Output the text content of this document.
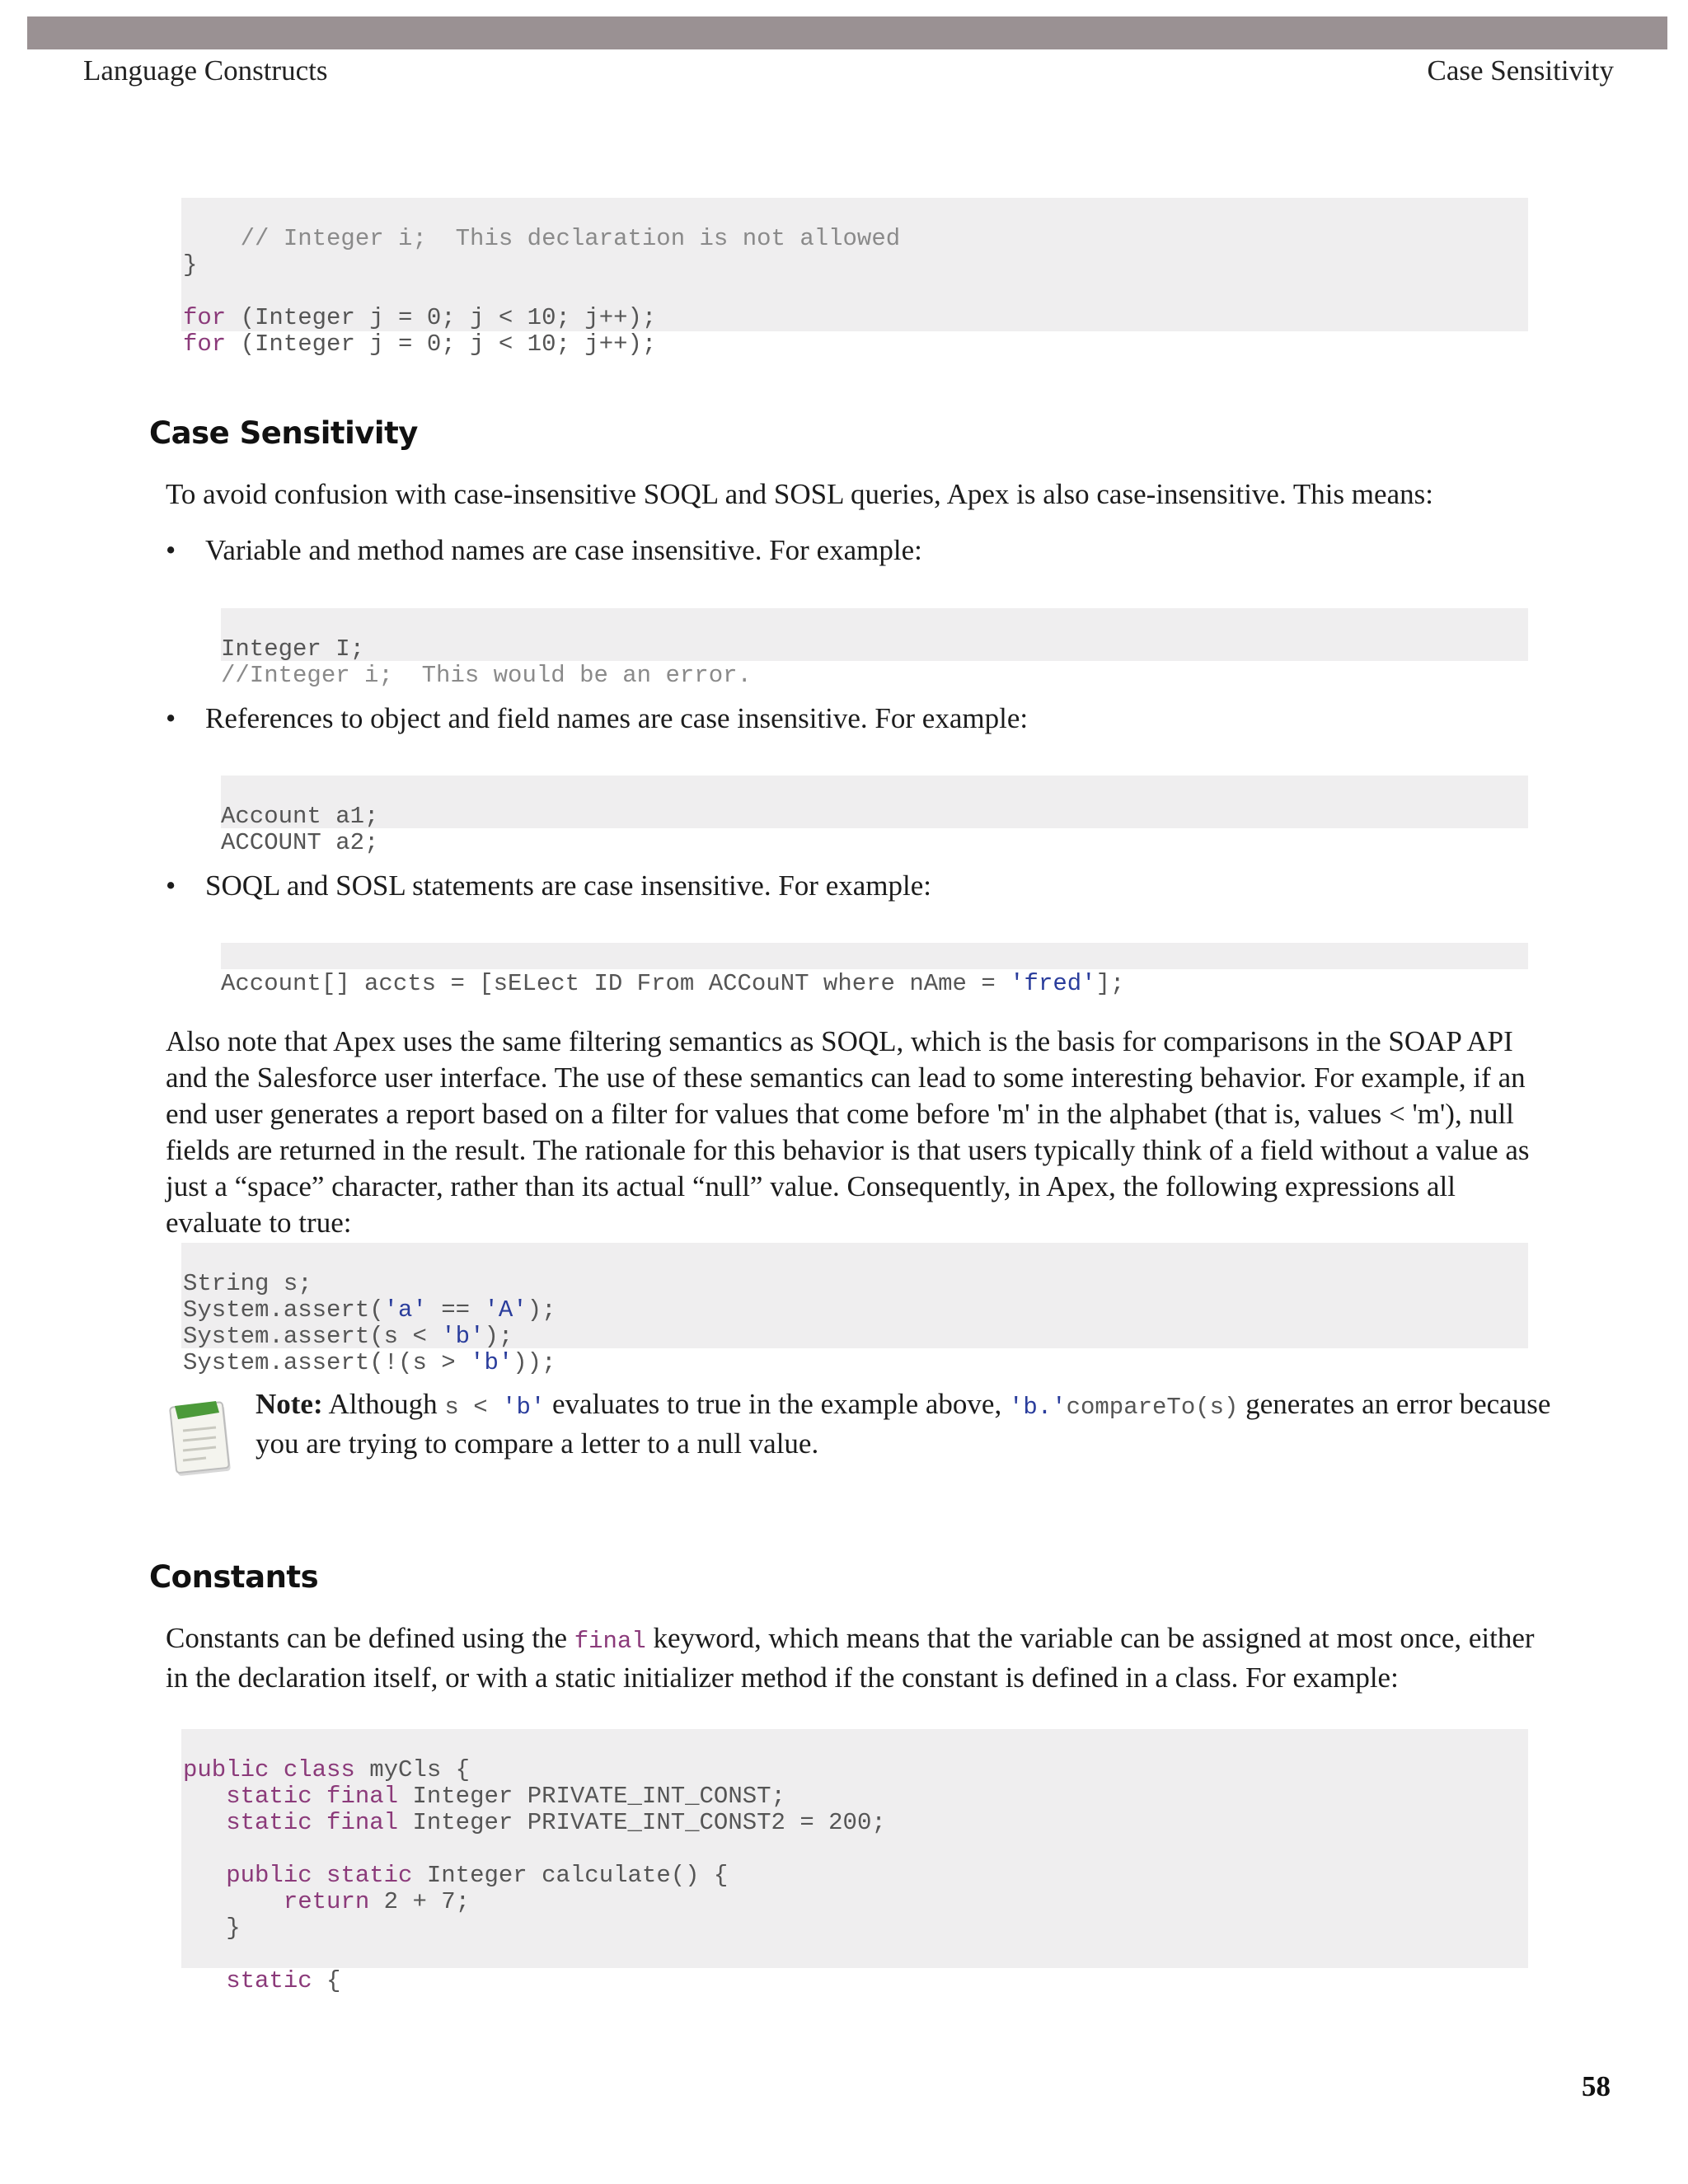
Language Constructs	Case Sensitivity

// Integer i;  This declaration is not allowed
}

for (Integer j = 0; j < 10; j++);
for (Integer j = 0; j < 10; j++);

Case Sensitivity
To avoid confusion with case-insensitive SOQL and SOSL queries, Apex is also case-insensitive. This means:
• Variable and method names are case insensitive. For example:

Integer I;
//Integer i;  This would be an error.

• References to object and field names are case insensitive. For example:

Account a1;
ACCOUNT a2;

• SOQL and SOSL statements are case insensitive. For example:

Account[] accts = [sELect ID From ACCouNT where nAme = 'fred'];

Also note that Apex uses the same filtering semantics as SOQL, which is the basis for comparisons in the SOAP API and the Salesforce user interface. The use of these semantics can lead to some interesting behavior. For example, if an end user generates a report based on a filter for values that come before 'm' in the alphabet (that is, values < 'm'), null fields are returned in the result. The rationale for this behavior is that users typically think of a field without a value as just a “space” character, rather than its actual “null” value. Consequently, in Apex, the following expressions all evaluate to true:

String s;
System.assert('a' == 'A');
System.assert(s < 'b');
System.assert(!(s > 'b'));

Note: Although s < 'b' evaluates to true in the example above, 'b.'compareTo(s) generates an error because you are trying to compare a letter to a null value.
Constants
Constants can be defined using the final keyword, which means that the variable can be assigned at most once, either in the declaration itself, or with a static initializer method if the constant is defined in a class. For example:

public class myCls {
static final Integer PRIVATE_INT_CONST;
static final Integer PRIVATE_INT_CONST2 = 200;

public static Integer calculate() {
return 2 + 7;
}

static {

58
